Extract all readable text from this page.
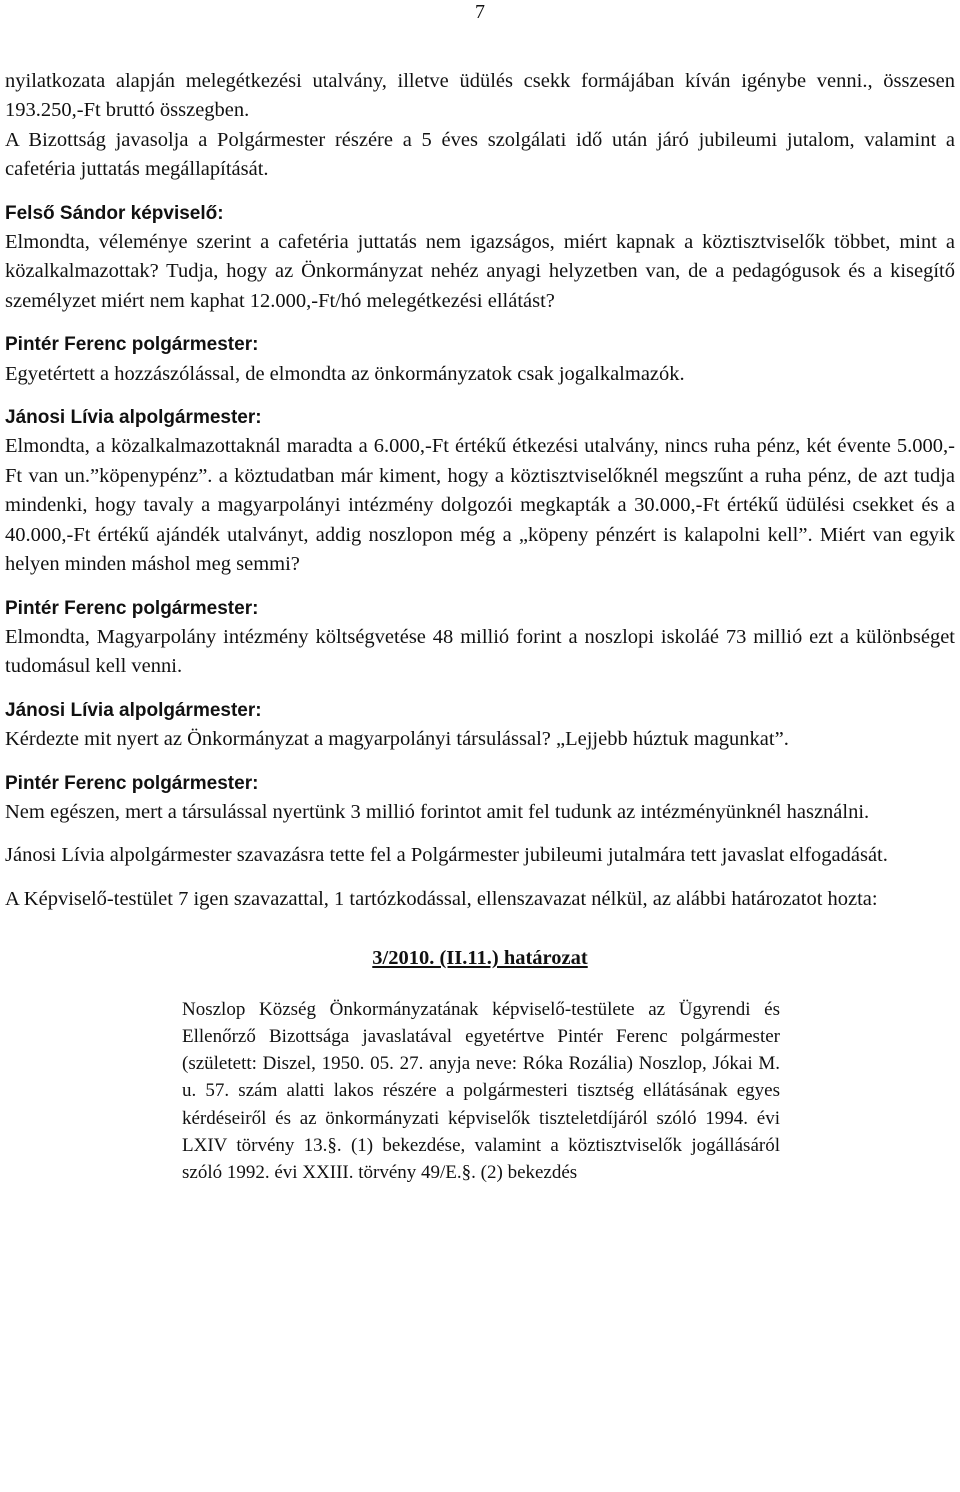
7
nyilatkozata alapján melegétkezési utalvány, illetve üdülés csekk formájában kíván igénybe venni., összesen 193.250,-Ft bruttó összegben.
A Bizottság javasolja a Polgármester részére a 5 éves szolgálati idő után járó jubileumi jutalom, valamint a cafetéria juttatás megállapítását.
Felső Sándor képviselő:
Elmondta, véleménye szerint a cafetéria juttatás nem igazságos, miért kapnak a köztisztviselők többet, mint a közalkalmazottak? Tudja, hogy az Önkormányzat nehéz anyagi helyzetben van, de a pedagógusok és a kisegítő személyzet miért nem kaphat 12.000,-Ft/hó melegétkezési ellátást?
Pintér Ferenc polgármester:
Egyetértett a hozzászólással, de elmondta az önkormányzatok csak jogalkalmazók.
Jánosi Lívia alpolgármester:
Elmondta, a közalkalmazottaknál maradta a 6.000,-Ft értékű étkezési utalvány, nincs ruha pénz, két évente 5.000,-Ft van un.”köpenypénz”. a köztudatban már kiment, hogy a köztisztviselőknél megszűnt a ruha pénz, de azt tudja mindenki, hogy tavaly a magyarpolányi intézmény dolgozói megkapták a 30.000,-Ft értékű üdülési csekket és a 40.000,-Ft értékű ajándék utalványt, addig noszlopon még a „köpeny pénzért is kalapolni kell”. Miért van egyik helyen minden máshol meg semmi?
Pintér Ferenc polgármester:
Elmondta, Magyarpolány intézmény költségvetése 48 millió forint a noszlopi iskoláé 73 millió ezt a különbséget tudomásul kell venni.
Jánosi Lívia alpolgármester:
Kérdezte mit nyert az Önkormányzat a magyarpolányi társulással? „Lejjebb húztuk magunkat”.
Pintér Ferenc polgármester:
Nem egészen, mert a társulással nyertünk 3 millió forintot amit fel tudunk az intézményünknél használni.
Jánosi Lívia alpolgármester szavazásra tette fel a Polgármester jubileumi jutalmára tett javaslat elfogadását.
A Képviselő-testület 7 igen szavazattal, 1 tartózkodással, ellenszavazat nélkül, az alábbi határozatot hozta:
3/2010. (II.11.) határozat
Noszlop Község Önkormányzatának képviselő-testülete az Ügyrendi és Ellenőrző Bizottsága javaslatával egyetértve Pintér Ferenc polgármester (született: Diszel, 1950. 05. 27. anyja neve: Róka Rozália) Noszlop, Jókai M. u. 57. szám alatti lakos részére a polgármesteri tisztség ellátásának egyes kérdéseiről és az önkormányzati képviselők tiszteletdíjáról szóló 1994. évi LXIV törvény 13.§. (1) bekezdése, valamint a köztisztviselők jogállásáról szóló 1992. évi XXIII. törvény 49/E.§. (2) bekezdés
